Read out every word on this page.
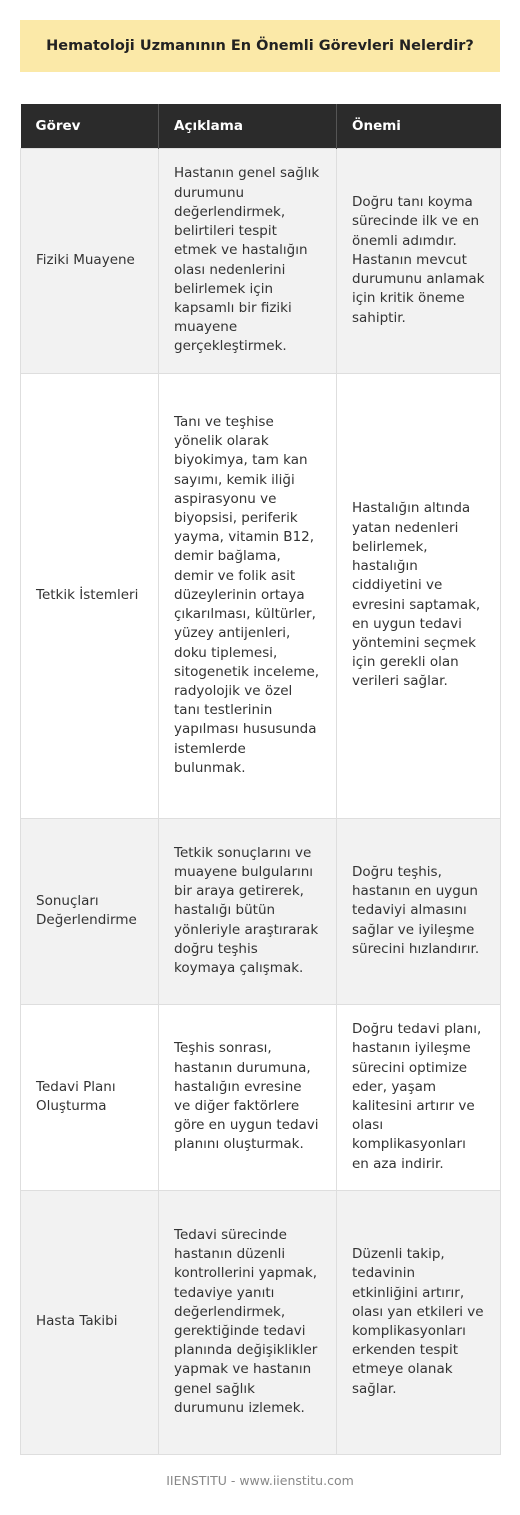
Hematoloji Uzmanının En Önemli Görevleri Nelerdir?
Görev	Açıklama	Önemi
Fiziki Muayene	Hastanın genel sağlık durumunu değerlendirmek, belirtileri tespit etmek ve hastalığın olası nedenlerini belirlemek için kapsamlı bir fiziki muayene gerçekleştirmek.	Doğru tanı koyma sürecinde ilk ve en önemli adımdır. Hastanın mevcut durumunu anlamak için kritik öneme sahiptir.
Tetkik İstemleri	Tanı ve teşhise yönelik olarak biyokimya, tam kan sayımı, kemik iliği aspirasyonu ve biyopsisi, periferik yayma, vitamin B12, demir bağlama, demir ve folik asit düzeylerinin ortaya çıkarılması, kültürler, yüzey antijenleri, doku tiplemesi, sitogenetik inceleme, radyolojik ve özel tanı testlerinin yapılması hususunda istemlerde bulunmak.	Hastalığın altında yatan nedenleri belirlemek, hastalığın ciddiyetini ve evresini saptamak, en uygun tedavi yöntemini seçmek için gerekli olan verileri sağlar.
Sonuçları Değerlendirme	Tetkik sonuçlarını ve muayene bulgularını bir araya getirerek, hastalığı bütün yönleriyle araştırarak doğru teşhis koymaya çalışmak.	Doğru teşhis, hastanın en uygun tedaviyi almasını sağlar ve iyileşme sürecini hızlandırır.
Tedavi Planı Oluşturma	Teşhis sonrası, hastanın durumuna, hastalığın evresine ve diğer faktörlere göre en uygun tedavi planını oluşturmak.	Doğru tedavi planı, hastanın iyileşme sürecini optimize eder, yaşam kalitesini artırır ve olası komplikasyonları en aza indirir.
Hasta Takibi	Tedavi sürecinde hastanın düzenli kontrollerini yapmak, tedaviye yanıtı değerlendirmek, gerektiğinde tedavi planında değişiklikler yapmak ve hastanın genel sağlık durumunu izlemek.	Düzenli takip, tedavinin etkinliğini artırır, olası yan etkileri ve komplikasyonları erkenden tespit etmeye olanak sağlar.
IIENSTITU - www.iienstitu.com
